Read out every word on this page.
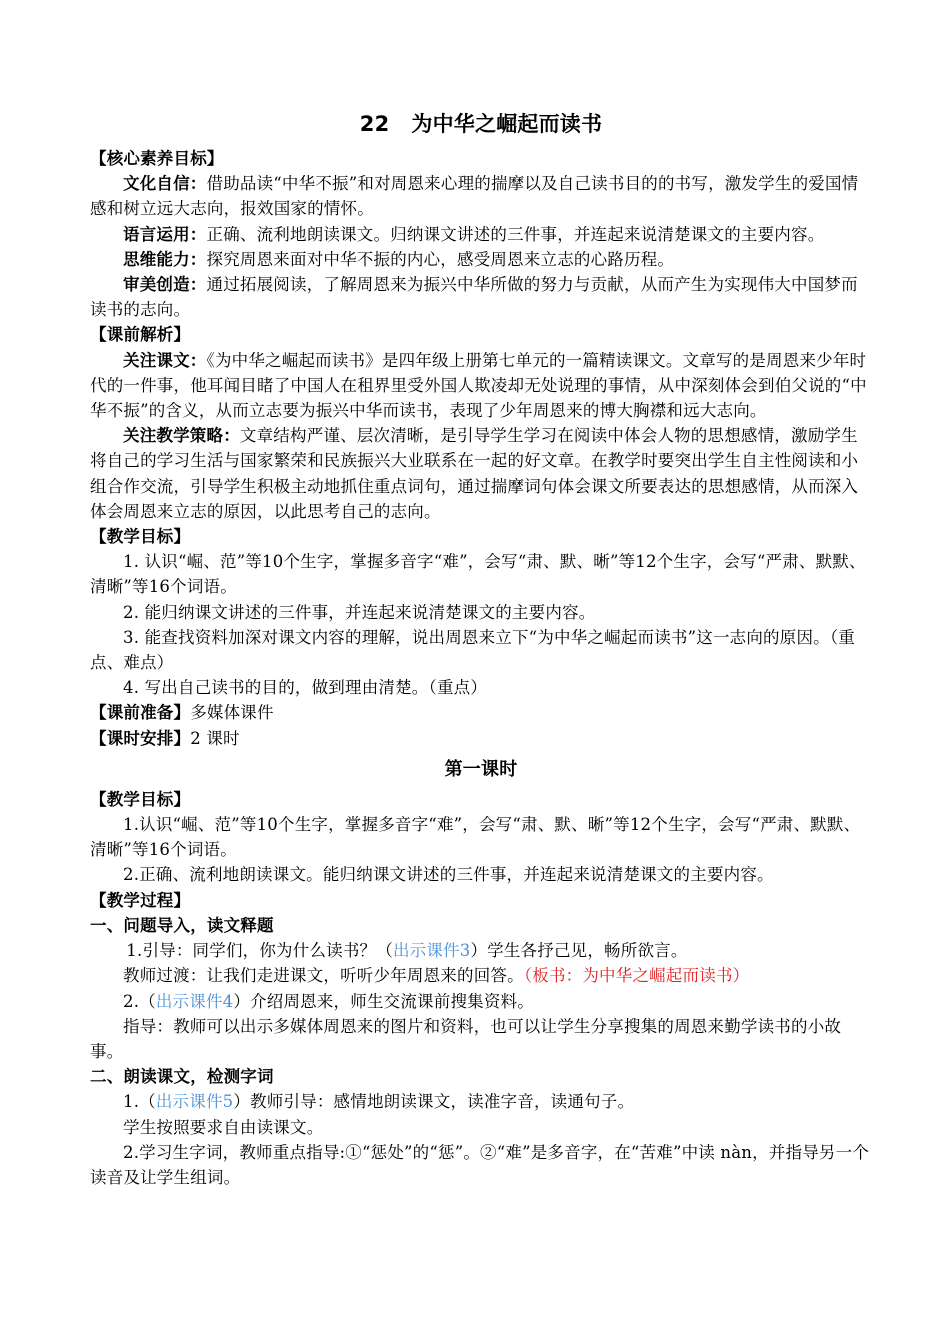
22 为中华之崛起而读书

【核心素养目标】

文化自信：借助品读“中华不振”和对周恩来心理的揣摩以及自己读书目的的书写，激发学生的爱国情感和树立远大志向，报效国家的情怀。

语言运用：正确、流利地朗读课文。归纳课文讲述的三件事，并连起来说清楚课文的主要内容。

思维能力：探究周恩来面对中华不振的内心，感受周恩来立志的心路历程。

审美创造：通过拓展阅读，了解周恩来为振兴中华所做的努力与贡献，从而产生为实现伟大中国梦而读书的志向。

【课前解析】

关注课文：《为中华之崛起而读书》是四年级上册第七单元的一篇精读课文。文章写的是周恩来少年时代的一件事，他耳闻目睹了中国人在租界里受外国人欺凌却无处说理的事情，从中深刻体会到伯父说的“中华不振”的含义，从而立志要为振兴中华而读书，表现了少年周恩来的博大胸襟和远大志向。

关注教学策略：文章结构严谨、层次清晰，是引导学生学习在阅读中体会人物的思想感情，激励学生将自己的学习生活与国家繁荣和民族振兴大业联系在一起的好文章。在教学时要突出学生自主性阅读和小组合作交流，引导学生积极主动地抓住重点词句，通过揣摩词句体会课文所要表达的思想感情，从而深入体会周恩来立志的原因，以此思考自己的志向。

【教学目标】

1. 认识“崛、范”等10个生字，掌握多音字“难”，会写“肃、默、晰”等12个生字，会写“严肃、默默、清晰”等16个词语。

2. 能归纳课文讲述的三件事，并连起来说清楚课文的主要内容。

3. 能查找资料加深对课文内容的理解，说出周恩来立下“为中华之崛起而读书”这一志向的原因。（重点、难点）

4. 写出自己读书的目的，做到理由清楚。（重点）

【课前准备】多媒体课件

【课时安排】2 课时

第一课时

【教学目标】

1.认识“崛、范”等10个生字，掌握多音字“难”，会写“肃、默、晰”等12个生字，会写“严肃、默默、清晰”等16个词语。

2.正确、流利地朗读课文。能归纳课文讲述的三件事，并连起来说清楚课文的主要内容。

【教学过程】

一、问题导入，读文释题

1.引导：同学们，你为什么读书？（出示课件3）学生各抒己见，畅所欲言。

教师过渡：让我们走进课文，听听少年周恩来的回答。（板书：为中华之崛起而读书）

2.（出示课件4）介绍周恩来，师生交流课前搜集资料。

指导：教师可以出示多媒体周恩来的图片和资料，也可以让学生分享搜集的周恩来勤学读书的小故事。

二、朗读课文，检测字词

1.（出示课件5）教师引导：感情地朗读课文，读准字音，读通句子。

学生按照要求自由读课文。

2.学习生字词，教师重点指导:①“惩处”的“惩”。②“难”是多音字，在“苦难”中读 nàn，并指导另一个读音及让学生组词。
